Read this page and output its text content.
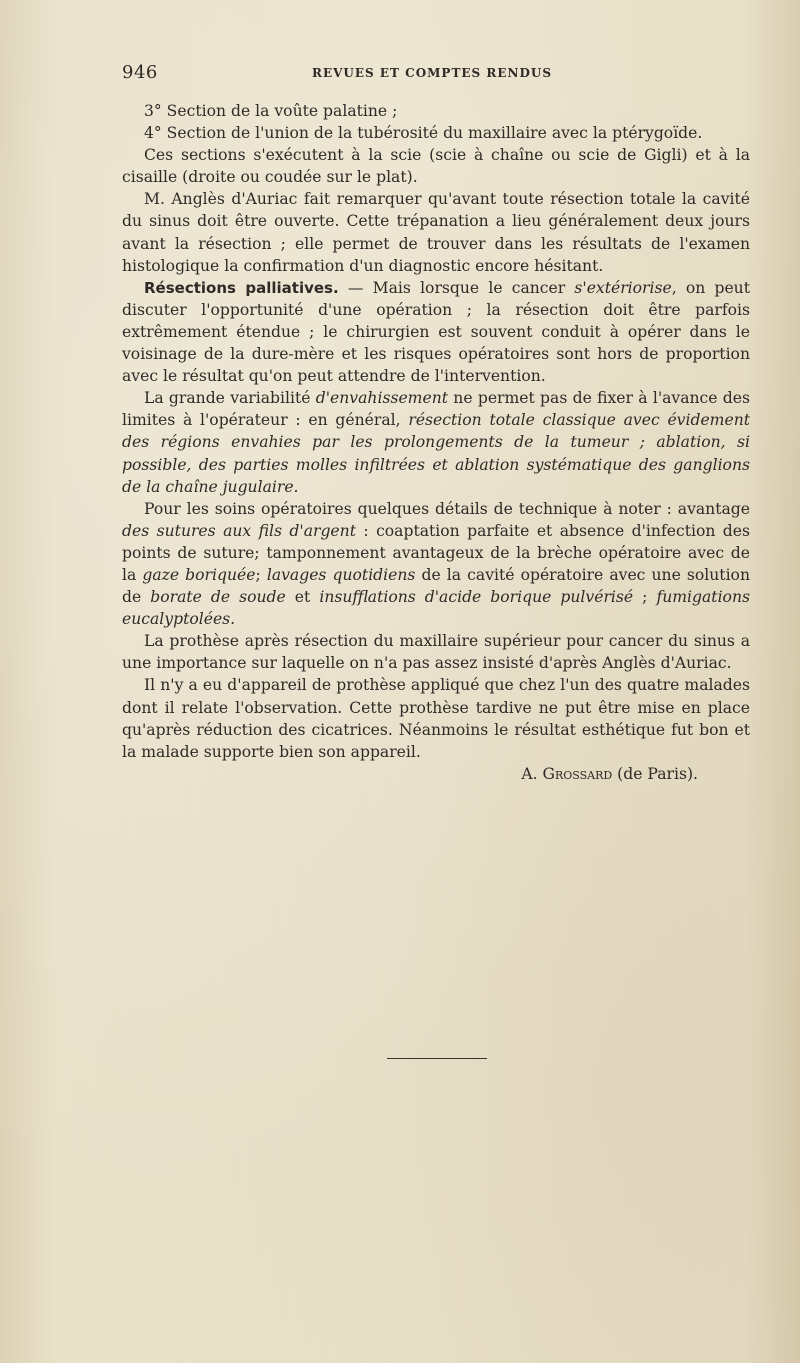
946	REVUES ET COMPTES RENDUS

3° Section de la voûte palatine ;

4° Section de l'union de la tubérosité du maxillaire avec la ptérygoïde.

Ces sections s'exécutent à la scie (scie à chaîne ou scie de Gigli) et à la cisaille (droite ou coudée sur le plat).

M. Anglès d'Auriac fait remarquer qu'avant toute résection totale la cavité du sinus doit être ouverte. Cette trépanation a lieu généralement deux jours avant la résection ; elle permet de trouver dans les résultats de l'examen histologique la confirmation d'un diagnostic encore hésitant.

Résections palliatives. — Mais lorsque le cancer s'extériorise, on peut discuter l'opportunité d'une opération ; la résection doit être parfois extrêmement étendue ; le chirurgien est souvent conduit à opérer dans le voisinage de la dure-mère et les risques opératoires sont hors de proportion avec le résultat qu'on peut attendre de l'intervention.

La grande variabilité d'envahissement ne permet pas de fixer à l'avance des limites à l'opérateur : en général, résection totale classique avec évidement des régions envahies par les prolongements de la tumeur ; ablation, si possible, des parties molles infiltrées et ablation systématique des ganglions de la chaîne jugulaire.

Pour les soins opératoires quelques détails de technique à noter : avantage des sutures aux fils d'argent : coaptation parfaite et absence d'infection des points de suture; tamponnement avantageux de la brèche opératoire avec de la gaze boriquée; lavages quotidiens de la cavité opératoire avec une solution de borate de soude et insufflations d'acide borique pulvérisé ; fumigations eucalyptolées.

La prothèse après résection du maxillaire supérieur pour cancer du sinus a une importance sur laquelle on n'a pas assez insisté d'après Anglès d'Auriac.

Il n'y a eu d'appareil de prothèse appliqué que chez l'un des quatre malades dont il relate l'observation. Cette prothèse tardive ne put être mise en place qu'après réduction des cicatrices. Néanmoins le résultat esthétique fut bon et la malade supporte bien son appareil.

A. Grossard (de Paris).
